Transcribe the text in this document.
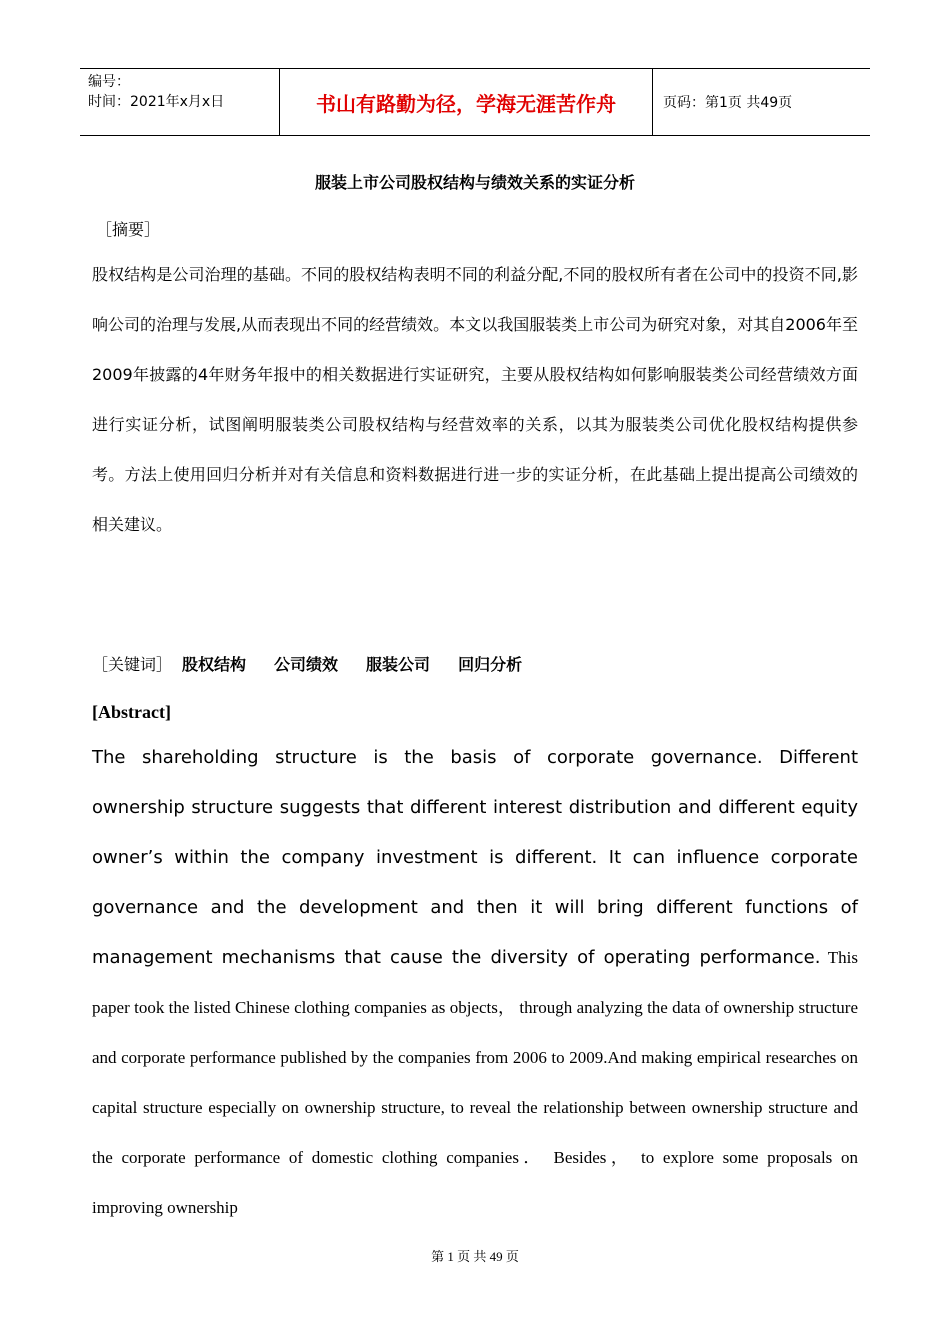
编号：
时间：2021年x月x日	书山有路勤为径，学海无涯苦作舟	页码：第1页 共49页
服装上市公司股权结构与绩效关系的实证分析
［摘要］
股权结构是公司治理的基础。不同的股权结构表明不同的利益分配,不同的股权所有者在公司中的投资不同,影响公司的治理与发展,从而表现出不同的经营绩效。本文以我国服装类上市公司为研究对象，对其自2006年至2009年披露的4年财务年报中的相关数据进行实证研究，主要从股权结构如何影响服装类公司经营绩效方面进行实证分析，试图阐明服装类公司股权结构与经营效率的关系，以其为服装类公司优化股权结构提供参考。方法上使用回归分析并对有关信息和资料数据进行进一步的实证分析，在此基础上提出提高公司绩效的相关建议。
［关键词］ 股权结构 公司绩效 服装公司 回归分析
[Abstract]

The shareholding structure is the basis of corporate governance. Different ownership structure suggests that different interest distribution and different equity owner’s within the company investment is different. It can influence corporate governance and the development and then it will bring different functions of management mechanisms that cause the diversity of operating performance. This paper took the listed Chinese clothing companies as objects， through analyzing the data of ownership structure and corporate performance published by the companies from 2006 to 2009.And making empirical researches on capital structure especially on ownership structure, to reveal the relationship between ownership structure and the corporate performance of domestic clothing companies． Besides， to explore some proposals on improving ownership

第 1 页 共 49 页
